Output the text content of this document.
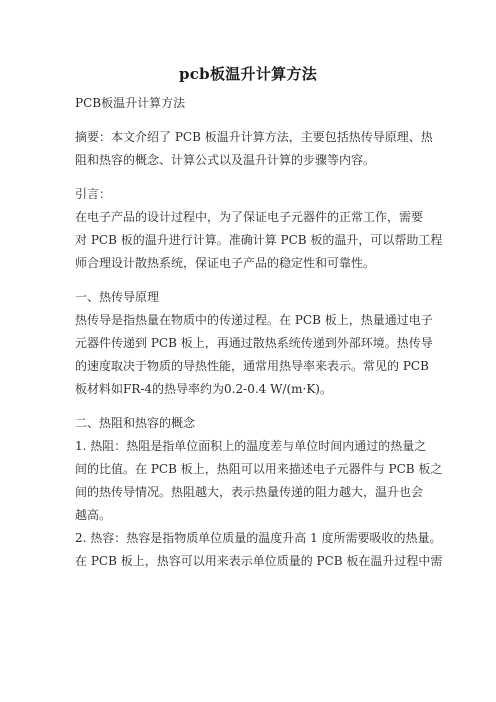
pcb板温升计算方法
PCB板温升计算方法
摘要：本文介绍了 PCB 板温升计算方法，主要包括热传导原理、热
阻和热容的概念、计算公式以及温升计算的步骤等内容。
引言：
在电子产品的设计过程中，为了保证电子元器件的正常工作，需要
对 PCB 板的温升进行计算。准确计算 PCB 板的温升，可以帮助工程
师合理设计散热系统，保证电子产品的稳定性和可靠性。
一、热传导原理
热传导是指热量在物质中的传递过程。在 PCB 板上，热量通过电子
元器件传递到 PCB 板上，再通过散热系统传递到外部环境。热传导
的速度取决于物质的导热性能，通常用热导率来表示。常见的 PCB
板材料如FR-4的热导率约为0.2-0.4 W/(m·K)。
二、热阻和热容的概念
1. 热阻：热阻是指单位面积上的温度差与单位时间内通过的热量之
间的比值。在 PCB 板上，热阻可以用来描述电子元器件与 PCB 板之
间的热传导情况。热阻越大，表示热量传递的阻力越大，温升也会
越高。
2. 热容：热容是指物质单位质量的温度升高 1 度所需要吸收的热量。
在 PCB 板上，热容可以用来表示单位质量的 PCB 板在温升过程中需
